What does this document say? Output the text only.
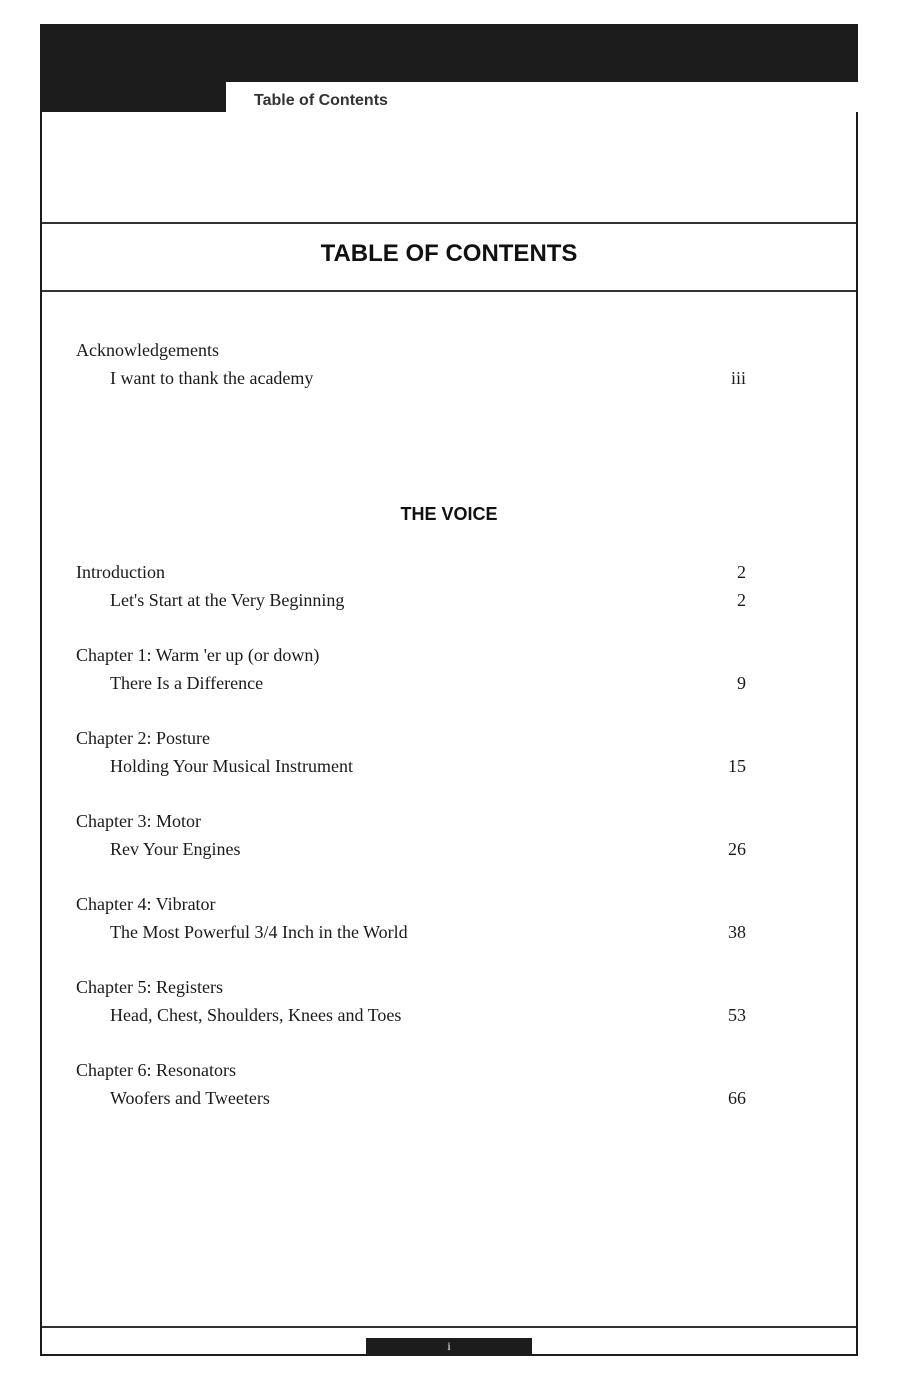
Table of Contents
TABLE OF CONTENTS
Acknowledgements
I want to thank the academy	iii
THE VOICE
Introduction	2
Let's Start at the Very Beginning	2
Chapter 1: Warm 'er up (or down)
There Is a Difference	9
Chapter 2: Posture
Holding Your Musical Instrument	15
Chapter 3: Motor
Rev Your Engines	26
Chapter 4: Vibrator
The Most Powerful 3/4 Inch in the World	38
Chapter 5: Registers
Head, Chest, Shoulders, Knees and Toes	53
Chapter 6: Resonators
Woofers and Tweeters	66
i
